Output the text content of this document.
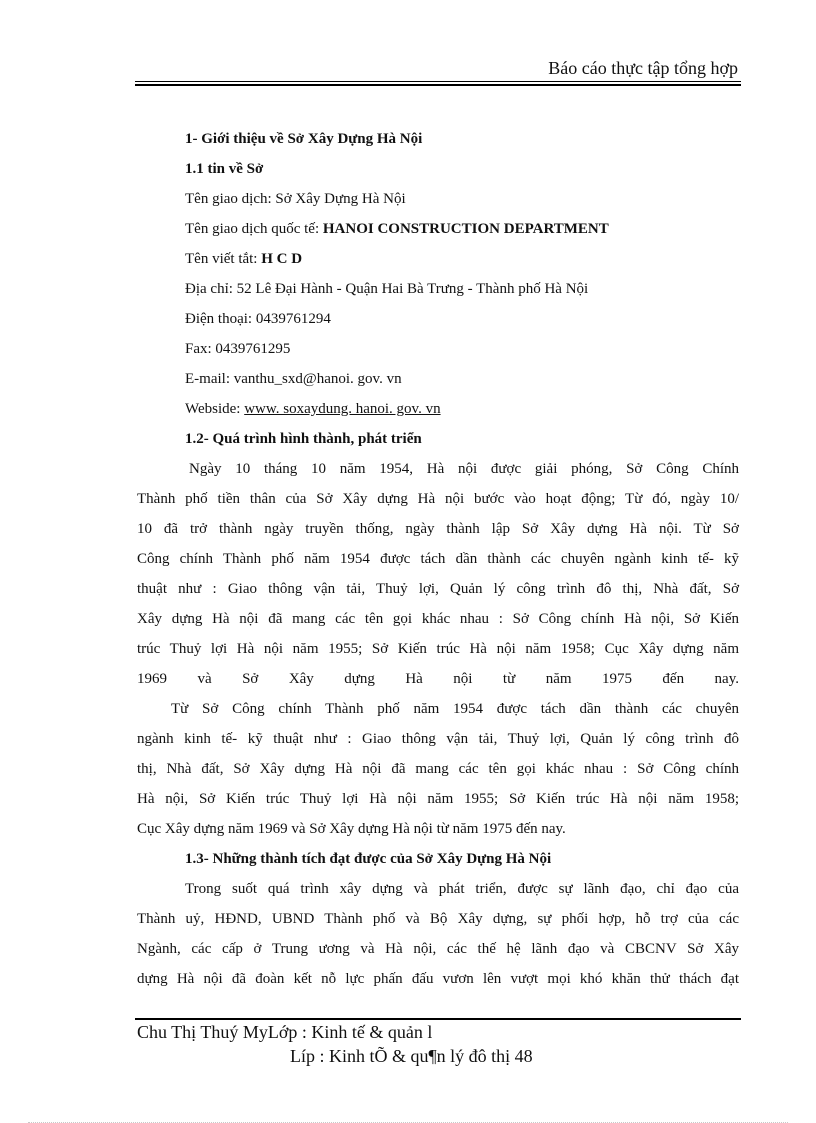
Báo cáo thực tập tổng hợp
1- Giới thiệu về Sở Xây Dựng Hà Nội
1.1 tin về Sở
Tên giao dịch: Sở Xây Dựng Hà Nội
Tên giao dịch quốc tế: HANOI CONSTRUCTION DEPARTMENT
Tên viết tắt: H C D
Địa chỉ: 52 Lê Đại Hành - Quận Hai Bà Trưng - Thành phố Hà Nội
Điện thoại: 0439761294
Fax: 0439761295
E-mail: vanthu_sxd@hanoi. gov. vn
Webside: www. soxaydung. hanoi. gov. vn
1.2- Quá trình hình thành, phát triển
Ngày 10 tháng 10 năm 1954, Hà nội được giải phóng, Sở Công Chính
Thành phố tiền thân của Sở Xây dựng Hà nội bước vào hoạt động; Từ đó, ngày 10/
10 đã trở thành ngày truyền thống, ngày thành lập Sở Xây dựng Hà nội. Từ Sở
Công chính Thành phố năm 1954 được tách dần thành các chuyên ngành kinh tế- kỹ
thuật như : Giao thông vận tải, Thuỷ lợi, Quản lý công trình đô thị, Nhà đất, Sở
Xây dựng Hà nội đã mang các tên gọi khác nhau : Sở Công chính Hà nội, Sở Kiến
trúc Thuỷ lợi Hà nội năm 1955; Sở Kiến trúc Hà nội năm 1958; Cục Xây dựng năm
1969 và Sở Xây dựng Hà nội từ năm 1975 đến nay.
Từ Sở Công chính Thành phố năm 1954 được tách dần thành các chuyên
ngành kinh tế- kỹ thuật như : Giao thông vận tải, Thuỷ lợi, Quản lý công trình đô
thị, Nhà đất, Sở Xây dựng Hà nội đã mang các tên gọi khác nhau : Sở Công chính
Hà nội, Sở Kiến trúc Thuỷ lợi Hà nội năm 1955; Sở Kiến trúc Hà nội năm 1958;
Cục Xây dựng năm 1969 và Sở Xây dựng Hà nội từ năm 1975 đến nay.
1.3- Những thành tích đạt được của Sở Xây Dựng Hà Nội
Trong suốt quá trình xây dựng và phát triển, được sự lãnh đạo, chỉ đạo của
Thành uỷ, HĐND, UBND Thành phố và Bộ Xây dựng, sự phối hợp, hỗ trợ của các
Ngành, các cấp ở Trung ương và Hà nội, các thế hệ lãnh đạo và CBCNV Sở Xây
dựng Hà nội đã đoàn kết nỗ lực phấn đấu vươn lên vượt mọi khó khăn thử thách đạt
Chu Thị Thuý MyLớp : Kinh tế & quản l
Líp : Kinh tÕ & qu¶n lý đô thị 48
